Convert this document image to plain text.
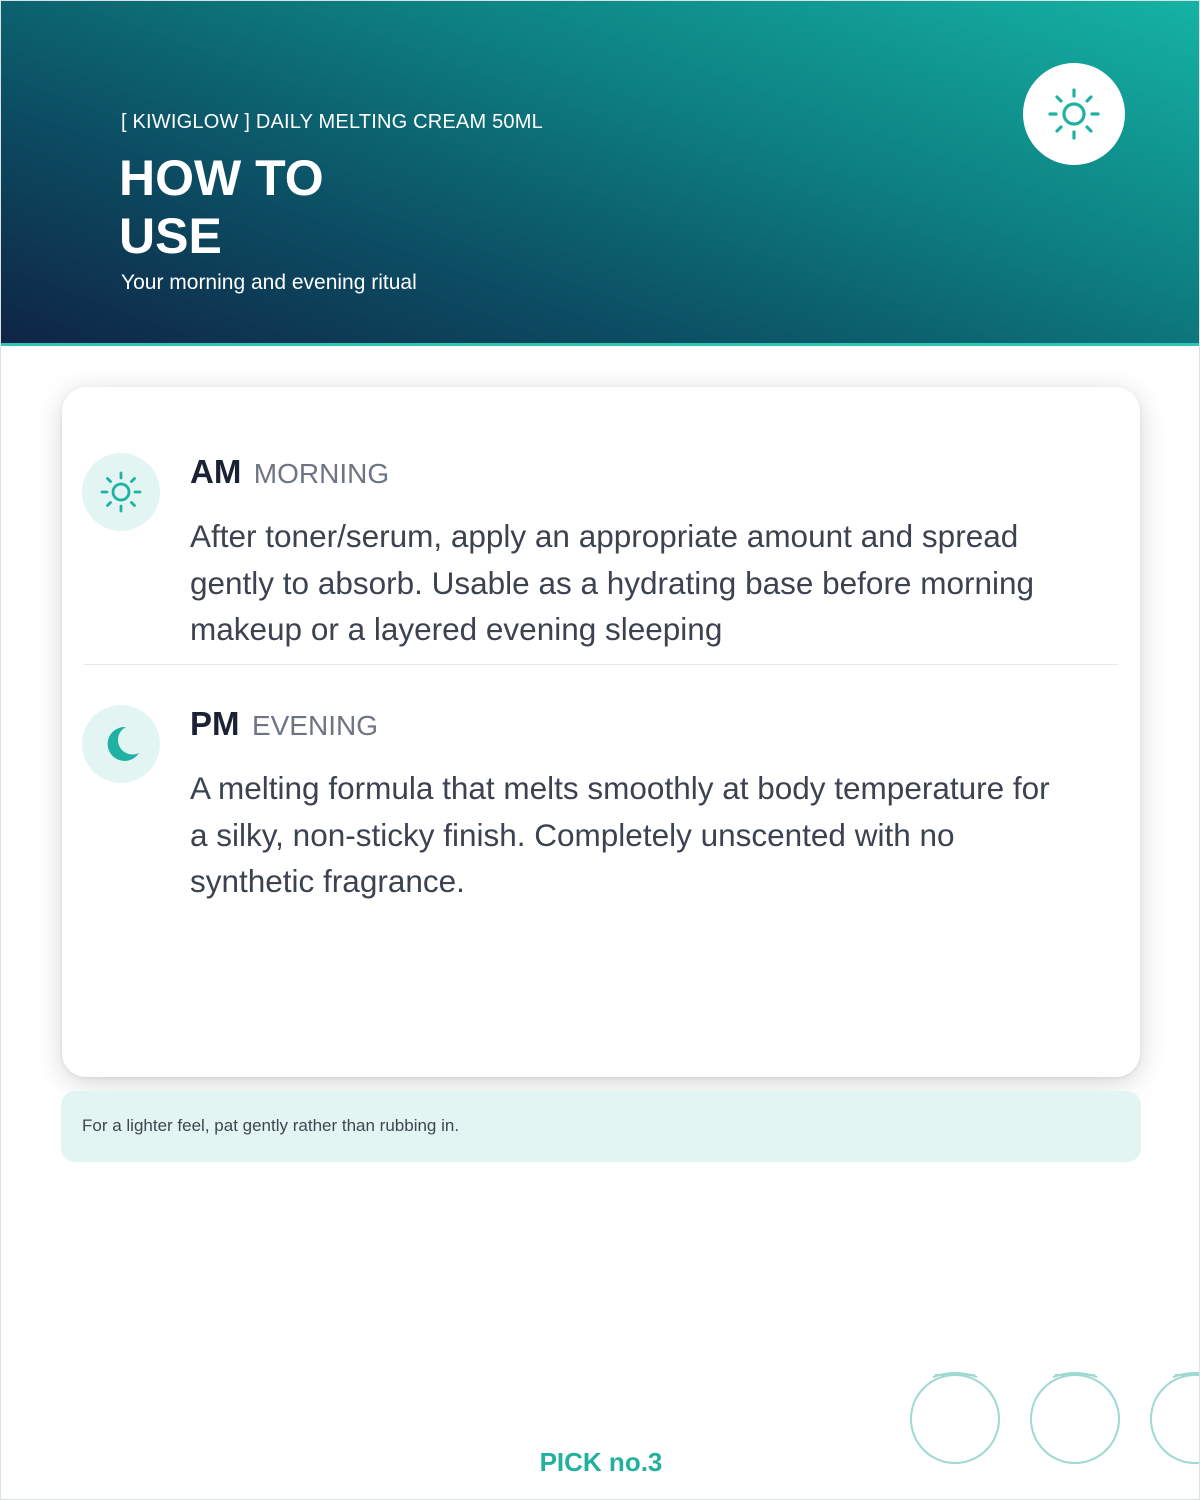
[ KIWIGLOW ] DAILY MELTING CREAM 50ML
HOW TO
USE
Your morning and evening ritual
AM MORNING
After toner/serum, apply an appropriate amount and spread gently to absorb. Usable as a hydrating base before morning makeup or a layered evening sleeping
PM EVENING
A melting formula that melts smoothly at body temperature for a silky, non-sticky finish. Completely unscented with no synthetic fragrance.
For a lighter feel, pat gently rather than rubbing in.
PICK no.3
